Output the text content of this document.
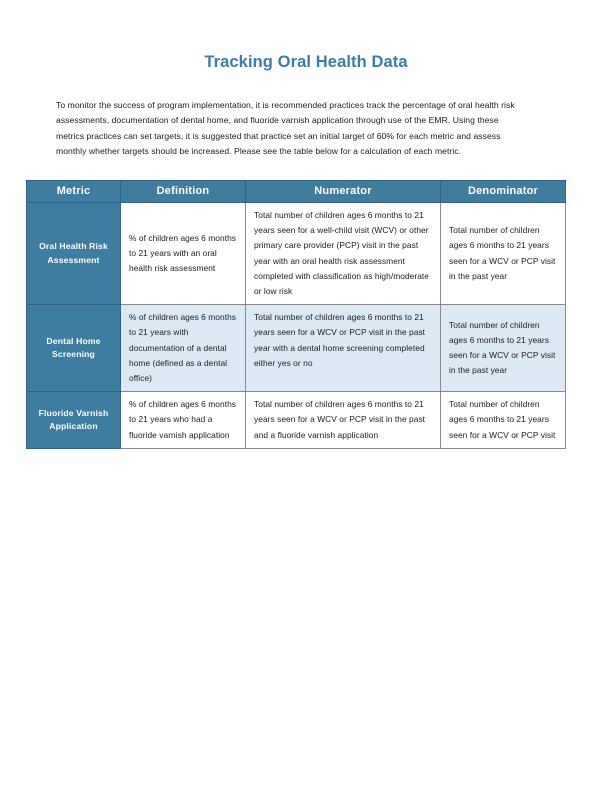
Tracking Oral Health Data

To monitor the success of program implementation, it is recommended practices track the percentage of oral health risk assessments, documentation of dental home, and fluoride varnish application through use of the EMR. Using these metrics practices can set targets, it is suggested that practice set an initial target of 60% for each metric and assess monthly whether targets should be increased. Please see the table below for a calculation of each metric.

Metric	Definition	Numerator	Denominator
Oral Health Risk Assessment	% of children ages 6 months to 21 years with an oral health risk assessment	Total number of children ages 6 months to 21 years seen for a well-child visit (WCV) or other primary care provider (PCP) visit in the past year with an oral health risk assessment completed with classification as high/moderate or low risk	Total number of children ages 6 months to 21 years seen for a WCV or PCP visit in the past year
Dental Home Screening	% of children ages 6 months to 21 years with documentation of a dental home (defined as a dental office)	Total number of children ages 6 months to 21 years seen for a WCV or PCP visit in the past year with a dental home screening completed either yes or no	Total number of children ages 6 months to 21 years seen for a WCV or PCP visit in the past year
Fluoride Varnish Application	% of children ages 6 months to 21 years who had a fluoride varnish application	Total number of children ages 6 months to 21 years seen for a WCV or PCP visit in the past and a fluoride varnish application	Total number of children ages 6 months to 21 years seen for a WCV or PCP visit
